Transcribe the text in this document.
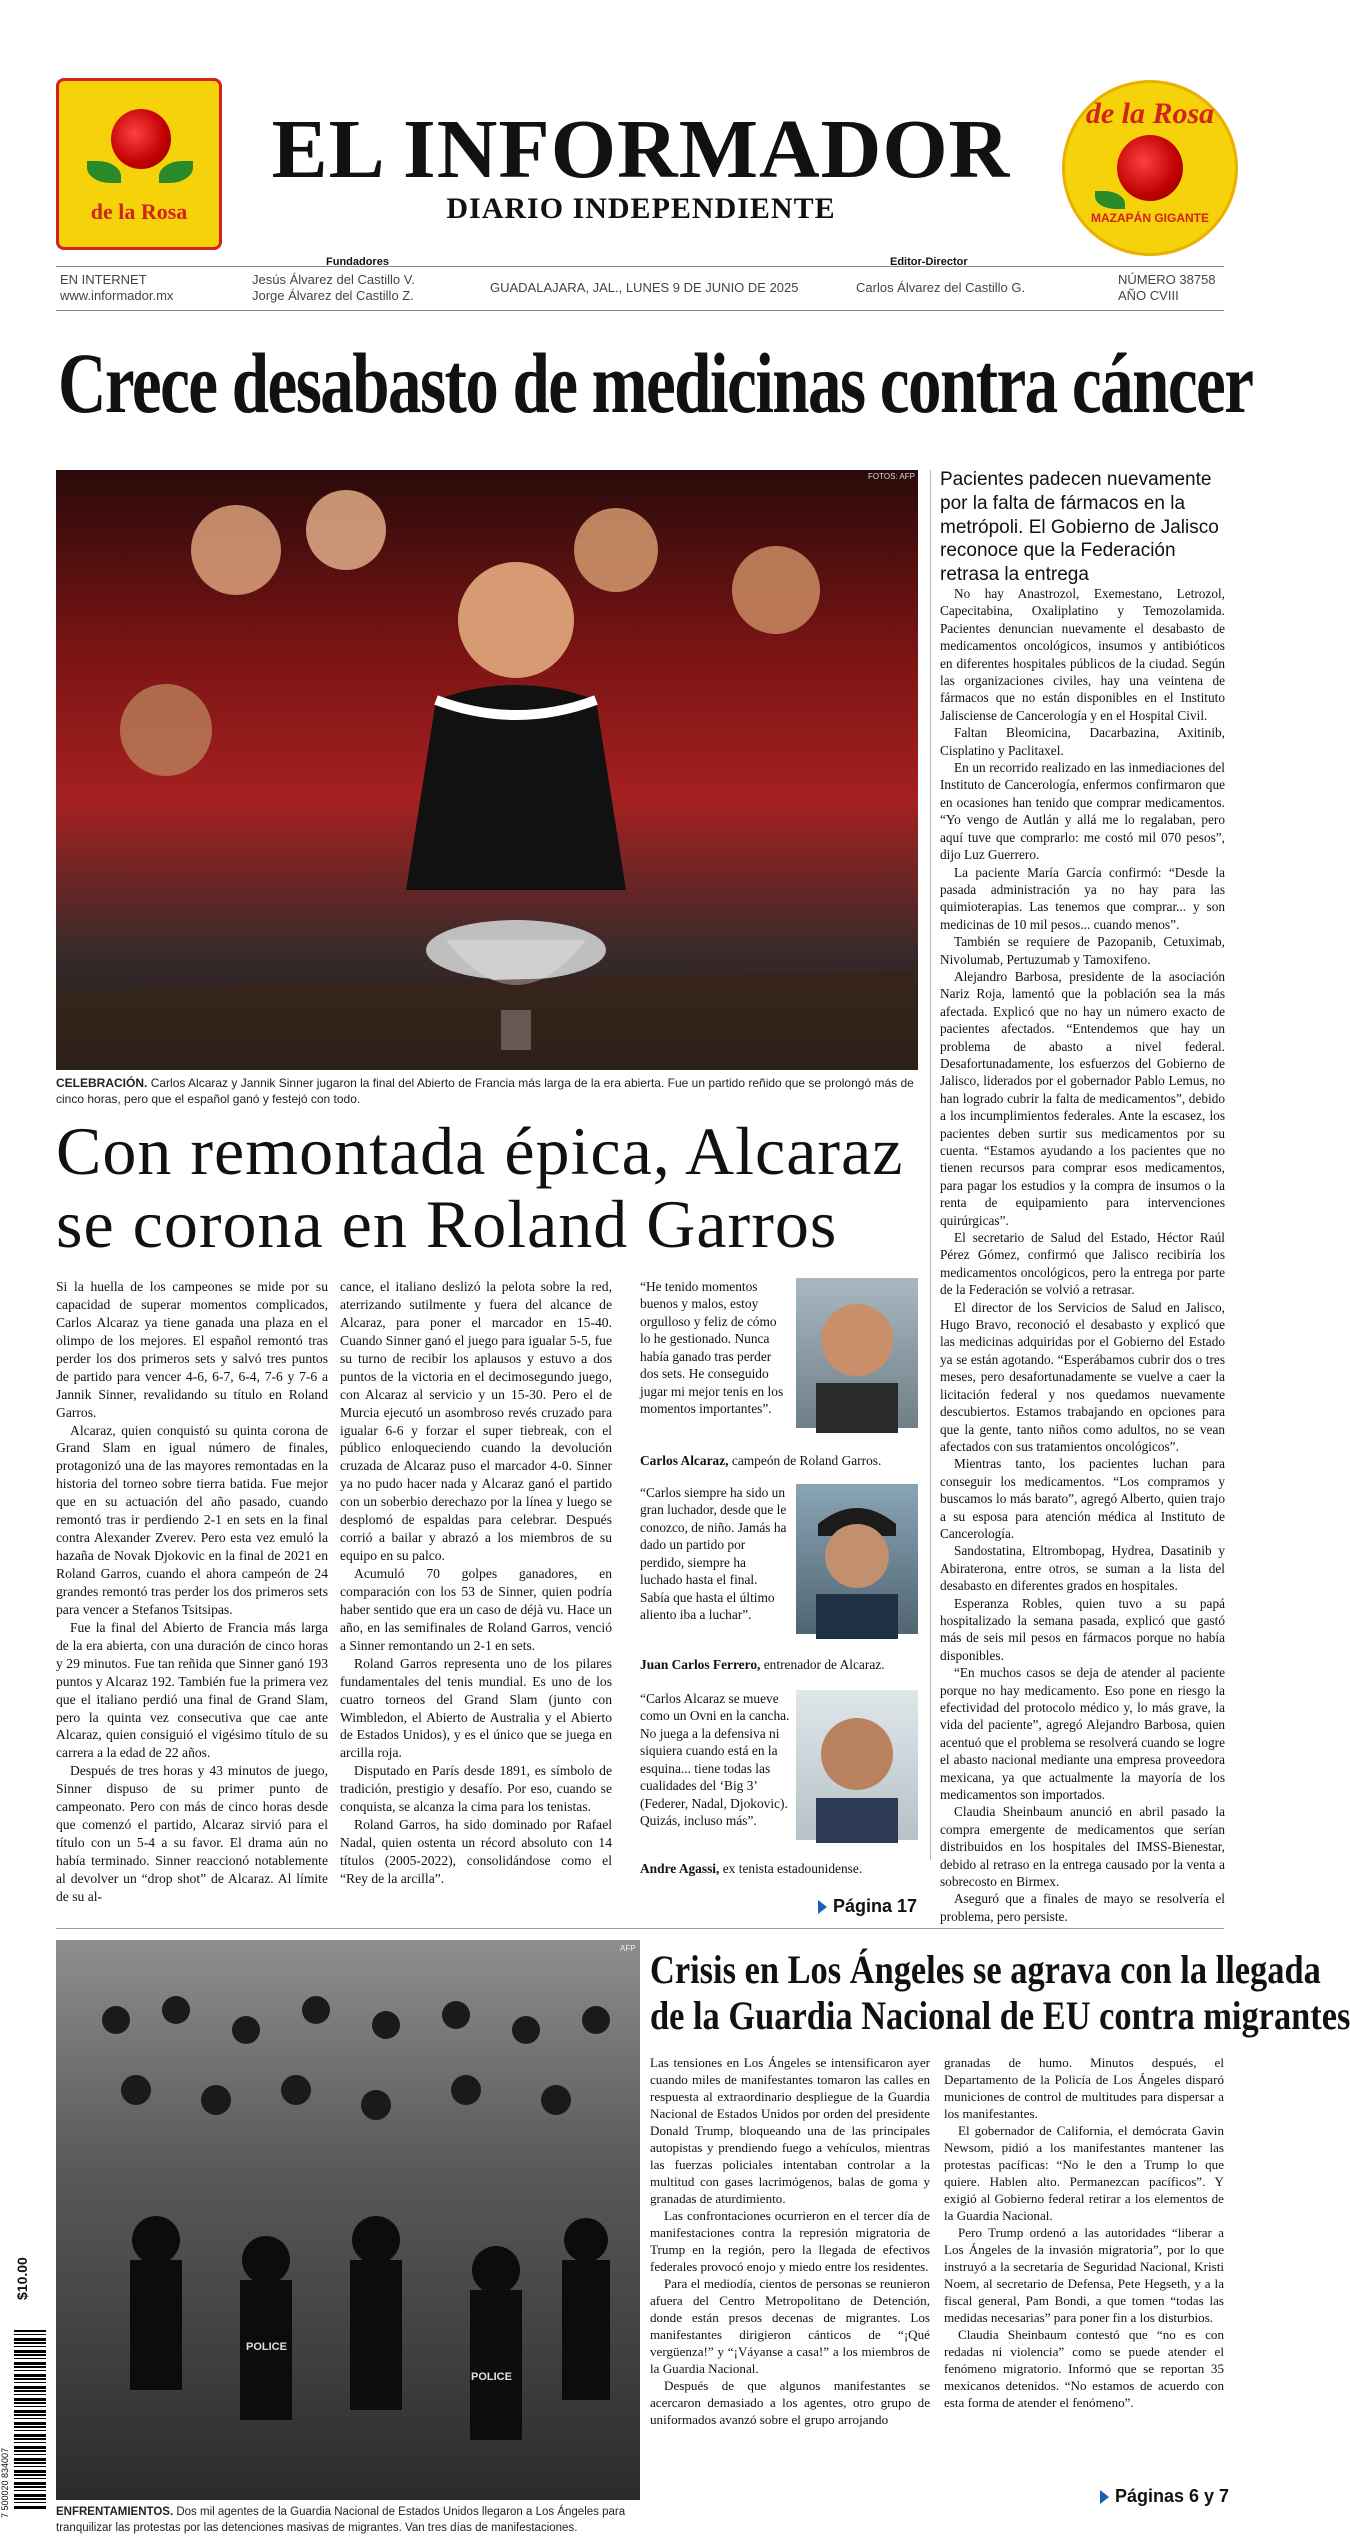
de la Rosa
EL INFORMADOR
DIARIO INDEPENDIENTE
de la Rosa
MAZAPÁN GIGANTE
Fundadores	Editor-Director
EN INTERNET
www.informador.mx
Jesús Álvarez del Castillo V.
Jorge Álvarez del Castillo Z.
GUADALAJARA, JAL., LUNES 9 DE JUNIO DE 2025	Carlos Álvarez del Castillo G.
NÚMERO 38758
AÑO CVIII
Crece desabasto de medicinas contra cáncer
FOTOS: AFP
CELEBRACIÓN. Carlos Alcaraz y Jannik Sinner jugaron la final del Abierto de Francia más larga de la era abierta. Fue un partido reñido que se prolongó más de cinco horas, pero que el español ganó y festejó con todo.
Pacientes padecen nuevamente por la falta de fármacos en la metrópoli. El Gobierno de Jalisco reconoce que la Federación retrasa la entrega

No hay Anastrozol, Exemestano, Letrozol, Capecitabina, Oxaliplatino y Temozolamida. Pacientes denuncian nuevamente el desabasto de medicamentos oncológicos, insumos y antibióticos en diferentes hospitales públicos de la ciudad. Según las organizaciones civiles, hay una veintena de fármacos que no están disponibles en el Instituto Jalisciense de Cancerología y en el Hospital Civil.

Faltan Bleomicina, Dacarbazina, Axitinib, Cisplatino y Paclitaxel.

En un recorrido realizado en las inmediaciones del Instituto de Cancerología, enfermos confirmaron que en ocasiones han tenido que comprar medicamentos. “Yo vengo de Autlán y allá me lo regalaban, pero aquí tuve que comprarlo: me costó mil 070 pesos”, dijo Luz Guerrero.

La paciente María García confirmó: “Desde la pasada administración ya no hay para las quimioterapias. Las tenemos que comprar... y son medicinas de 10 mil pesos... cuando menos”.

También se requiere de Pazopanib, Cetuximab, Nivolumab, Pertuzumab y Tamoxifeno.

Alejandro Barbosa, presidente de la asociación Nariz Roja, lamentó que la población sea la más afectada. Explicó que no hay un número exacto de pacientes afectados. “Entendemos que hay un problema de abasto a nivel federal. Desafortunadamente, los esfuerzos del Gobierno de Jalisco, liderados por el gobernador Pablo Lemus, no han logrado cubrir la falta de medicamentos”, debido a los incumplimientos federales. Ante la escasez, los pacientes deben surtir sus medicamentos por su cuenta. “Estamos ayudando a los pacientes que no tienen recursos para comprar esos medicamentos, para pagar los estudios y la compra de insumos o la renta de equipamiento para intervenciones quirúrgicas”.

El secretario de Salud del Estado, Héctor Raúl Pérez Gómez, confirmó que Jalisco recibiría los medicamentos oncológicos, pero la entrega por parte de la Federación se volvió a retrasar.

El director de los Servicios de Salud en Jalisco, Hugo Bravo, reconoció el desabasto y explicó que las medicinas adquiridas por el Gobierno del Estado ya se están agotando. “Esperábamos cubrir dos o tres meses, pero desafortunadamente se vuelve a caer la licitación federal y nos quedamos nuevamente descubiertos. Estamos trabajando en opciones para que la gente, tanto niños como adultos, no se vean afectados con sus tratamientos oncológicos”.

Mientras tanto, los pacientes luchan para conseguir los medicamentos. “Los compramos y buscamos lo más barato”, agregó Alberto, quien trajo a su esposa para atención médica al Instituto de Cancerología.

Sandostatina, Eltrombopag, Hydrea, Dasatinib y Abiraterona, entre otros, se suman a la lista del desabasto en diferentes grados en hospitales.

Esperanza Robles, quien tuvo a su papá hospitalizado la semana pasada, explicó que gastó más de seis mil pesos en fármacos porque no había disponibles.

“En muchos casos se deja de atender al paciente porque no hay medicamento. Eso pone en riesgo la efectividad del protocolo médico y, lo más grave, la vida del paciente”, agregó Alejandro Barbosa, quien acentuó que el problema se resolverá cuando se logre el abasto nacional mediante una empresa proveedora mexicana, ya que actualmente la mayoría de los medicamentos son importados.

Claudia Sheinbaum anunció en abril pasado la compra emergente de medicamentos que serían distribuidos en los hospitales del IMSS-Bienestar, debido al retraso en la entrega causado por la venta a sobrecosto en Birmex.

Aseguró que a finales de mayo se resolvería el problema, pero persiste.

Con remontada épica, Alcaraz se corona en Roland Garros

Si la huella de los campeones se mide por su capacidad de superar momentos complicados, Carlos Alcaraz ya tiene ganada una plaza en el olimpo de los mejores. El español remontó tras perder los dos primeros sets y salvó tres puntos de partido para vencer 4-6, 6-7, 6-4, 7-6 y 7-6 a Jannik Sinner, revalidando su título en Roland Garros.

Alcaraz, quien conquistó su quinta corona de Grand Slam en igual número de finales, protagonizó una de las mayores remontadas en la historia del torneo sobre tierra batida. Fue mejor que en su actuación del año pasado, cuando remontó tras ir perdiendo 2-1 en sets en la final contra Alexander Zverev. Pero esta vez emuló la hazaña de Novak Djokovic en la final de 2021 en Roland Garros, cuando el ahora campeón de 24 grandes remontó tras perder los dos primeros sets para vencer a Stefanos Tsitsipas.

Fue la final del Abierto de Francia más larga de la era abierta, con una duración de cinco horas y 29 minutos. Fue tan reñida que Sinner ganó 193 puntos y Alcaraz 192. También fue la primera vez que el italiano perdió una final de Grand Slam, pero la quinta vez consecutiva que cae ante Alcaraz, quien consiguió el vigésimo título de su carrera a la edad de 22 años.

Después de tres horas y 43 minutos de juego, Sinner dispuso de su primer punto de campeonato. Pero con más de cinco horas desde que comenzó el partido, Alcaraz sirvió para el título con un 5-4 a su favor. El drama aún no había terminado. Sinner reaccionó notablemente al devolver un “drop shot” de Alcaraz. Al límite de su al-

cance, el italiano deslizó la pelota sobre la red, aterrizando sutilmente y fuera del alcance de Alcaraz, para poner el marcador en 15-40. Cuando Sinner ganó el juego para igualar 5-5, fue su turno de recibir los aplausos y estuvo a dos puntos de la victoria en el decimosegundo juego, con Alcaraz al servicio y un 15-30. Pero el de Murcia ejecutó un asombroso revés cruzado para igualar 6-6 y forzar el super tiebreak, con el público enloqueciendo cuando la devolución cruzada de Alcaraz puso el marcador 4-0. Sinner ya no pudo hacer nada y Alcaraz ganó el partido con un soberbio derechazo por la línea y luego se desplomó de espaldas para celebrar. Después corrió a bailar y abrazó a los miembros de su equipo en su palco.

Acumuló 70 golpes ganadores, en comparación con los 53 de Sinner, quien podría haber sentido que era un caso de déjà vu. Hace un año, en las semifinales de Roland Garros, venció a Sinner remontando un 2-1 en sets.

Roland Garros representa uno de los pilares fundamentales del tenis mundial. Es uno de los cuatro torneos del Grand Slam (junto con Wimbledon, el Abierto de Australia y el Abierto de Estados Unidos), y es el único que se juega en arcilla roja.

Disputado en París desde 1891, es símbolo de tradición, prestigio y desafío. Por eso, cuando se conquista, se alcanza la cima para los tenistas.

Roland Garros, ha sido dominado por Rafael Nadal, quien ostenta un récord absoluto con 14 títulos (2005-2022), consolidándose como el “Rey de la arcilla”.

“He tenido momentos buenos y malos, estoy orgulloso y feliz de cómo lo he gestionado. Nunca había ganado tras perder dos sets. He conseguido jugar mi mejor tenis en los momentos importantes”.
Carlos Alcaraz, campeón de Roland Garros.
“Carlos siempre ha sido un gran luchador, desde que le conozco, de niño. Jamás ha dado un partido por perdido, siempre ha luchado hasta el final. Sabía que hasta el último aliento iba a luchar”.
Juan Carlos Ferrero, entrenador de Alcaraz.
“Carlos Alcaraz se mueve como un Ovni en la cancha. No juega a la defensiva ni siquiera cuando está en la esquina... tiene todas las cualidades del ‘Big 3’ (Federer, Nadal, Djokovic). Quizás, incluso más”.
Andre Agassi, ex tenista estadounidense.
Página 17
POLICE
POLICE
AFP
ENFRENTAMIENTOS. Dos mil agentes de la Guardia Nacional de Estados Unidos llegaron a Los Ángeles para tranquilizar las protestas por las detenciones masivas de migrantes. Van tres días de manifestaciones.
Crisis en Los Ángeles se agrava con la llegada
de la Guardia Nacional de EU contra migrantes

Las tensiones en Los Ángeles se intensificaron ayer cuando miles de manifestantes tomaron las calles en respuesta al extraordinario despliegue de la Guardia Nacional de Estados Unidos por orden del presidente Donald Trump, bloqueando una de las principales autopistas y prendiendo fuego a vehículos, mientras las fuerzas policiales intentaban controlar a la multitud con gases lacrimógenos, balas de goma y granadas de aturdimiento.

Las confrontaciones ocurrieron en el tercer día de manifestaciones contra la represión migratoria de Trump en la región, pero la llegada de efectivos federales provocó enojo y miedo entre los residentes.

Para el mediodía, cientos de personas se reunieron afuera del Centro Metropolitano de Detención, donde están presos decenas de migrantes. Los manifestantes dirigieron cánticos de “¡Qué vergüenza!” y “¡Váyanse a casa!” a los miembros de la Guardia Nacional.

Después de que algunos manifestantes se acercaron demasiado a los agentes, otro grupo de uniformados avanzó sobre el grupo arrojando

granadas de humo. Minutos después, el Departamento de la Policía de Los Ángeles disparó municiones de control de multitudes para dispersar a los manifestantes.

El gobernador de California, el demócrata Gavin Newsom, pidió a los manifestantes mantener las protestas pacíficas: “No le den a Trump lo que quiere. Hablen alto. Permanezcan pacíficos”. Y exigió al Gobierno federal retirar a los elementos de la Guardia Nacional.

Pero Trump ordenó a las autoridades “liberar a Los Ángeles de la invasión migratoria”, por lo que instruyó a la secretaria de Seguridad Nacional, Kristi Noem, al secretario de Defensa, Pete Hegseth, y a la fiscal general, Pam Bondi, a que tomen “todas las medidas necesarias” para poner fin a los disturbios.

Claudia Sheinbaum contestó que “no es con redadas ni violencia” como se puede atender el fenómeno migratorio. Informó que se reportan 35 mexicanos detenidos. “No estamos de acuerdo con esta forma de atender el fenómeno”.

Páginas 6 y 7
$10.00
7 500020 834007
